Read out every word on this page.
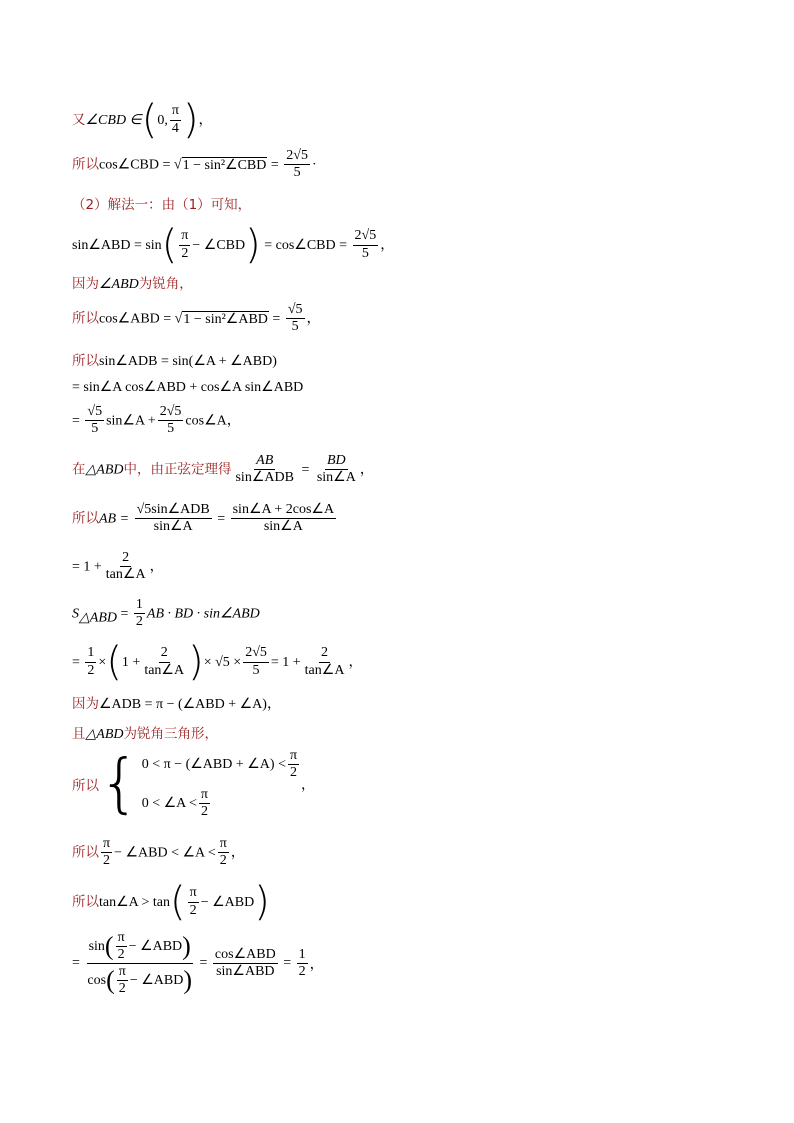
又∠CBD ∈(0, $\frac{\pi}{4}$ )，
所以cos∠CBD = √1 − sin²∠CBD = $\frac{2√5}{5}$ ·
（2）解法一：由（1）可知，
sin∠ABD = $\sin( \frac{\pi}{2}$ − ∠CBD) = cos∠CBD = $\frac{2√5}{5}$ ，
因为∠ABD为锐角，
所以cos∠ABD = √1 − sin²∠ABD = $\frac{√5}{5}$ ，
所以sin∠ADB = sin(∠A + ∠ABD)
= sin∠A cos∠ABD + cos∠A sin∠ABD
= $\frac{√5}{5}$ sin∠A + $\frac{2√5}{5}$ cos∠A，
在△ABD中，由正弦定理得 $\frac{AB}{\text{sin∠ADB}} = \frac{BD}{\sin\angle A}$ ，
所以AB = $\frac{\text{√5sin∠ADB}}{\sin\angle A} = \frac{\sin\angle A + 2\cos\angle A}{\sin\angle A}$
= $1 + \frac{2}{\tan\angle A}$ ，
$S_{\triangle ABD} = \frac{1}{2}$ AB · BD · sin∠ABD
= $\frac{1}{2} \times(1 + \frac{2}{\tan\angle A}$ )× $√5 \times \frac{2√5}{5} = 1 + \frac{2}{\tan\angle A}$ ，
因为∠ADB = π − (∠ABD + ∠A)，
且△ABD为锐角三角形，
所以 { 0 < π − (∠ABD + ∠A) < $\frac{\pi}{2}$
0 < ∠A < $\frac{\pi}{2}$
，
所以 $\frac{\pi}{2}$ − ∠ABD < ∠A < $\frac{\pi}{2}$ ，
所以tan∠A > $\tan( \frac{\pi}{2}$ − ∠ABD)
= $\frac{\sin( \frac{\pi}{2} - \angle ABD)}{\cos( \frac{\pi}{2} - \angle ABD)} = \frac{\text{cos∠ABD}}{\text{sin∠ABD}} = \frac{1}{2}$ ，
